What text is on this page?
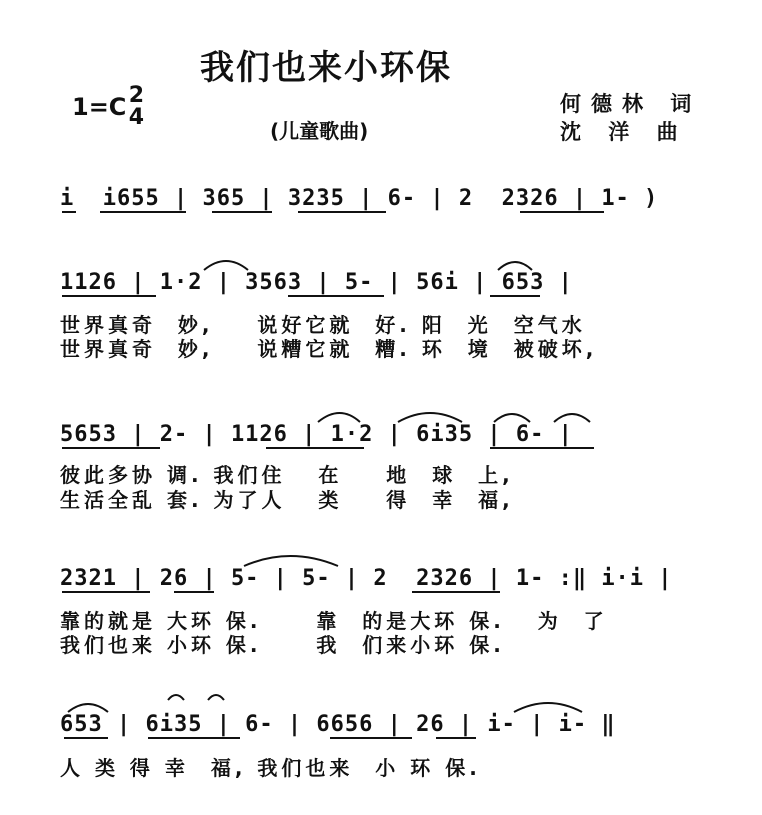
我们也来小环保
1=C 2
4
(儿童歌曲)
何德林 词
沈 洋 曲
i  i655 | 365 | 3235 | 6- | 2  2326 | 1- )
1126 | 1·2 | 3563 | 5- | 56i | 653 |
世界真奇  妙,    说好它就  好. 阳  光  空气水
世界真奇  妙,    说糟它就  糟. 环  境  被破坏,
5653 | 2- | 1126 | 1·2 | 6i35 | 6- |
彼此多协 调. 我们住   在    地  球  上,
生活全乱 套. 为了人   类    得  幸  福,
2321 | 26 | 5- | 5- | 2  2326 | 1- :‖ i·i |
靠的就是 大环 保.     靠  的是大环 保.   为  了
我们也来 小环 保.     我  们来小环 保.
653 | 6i35 | 6- | 6656 | 26 | i- | i- ‖
人 类 得 幸  福, 我们也来  小 环 保.
